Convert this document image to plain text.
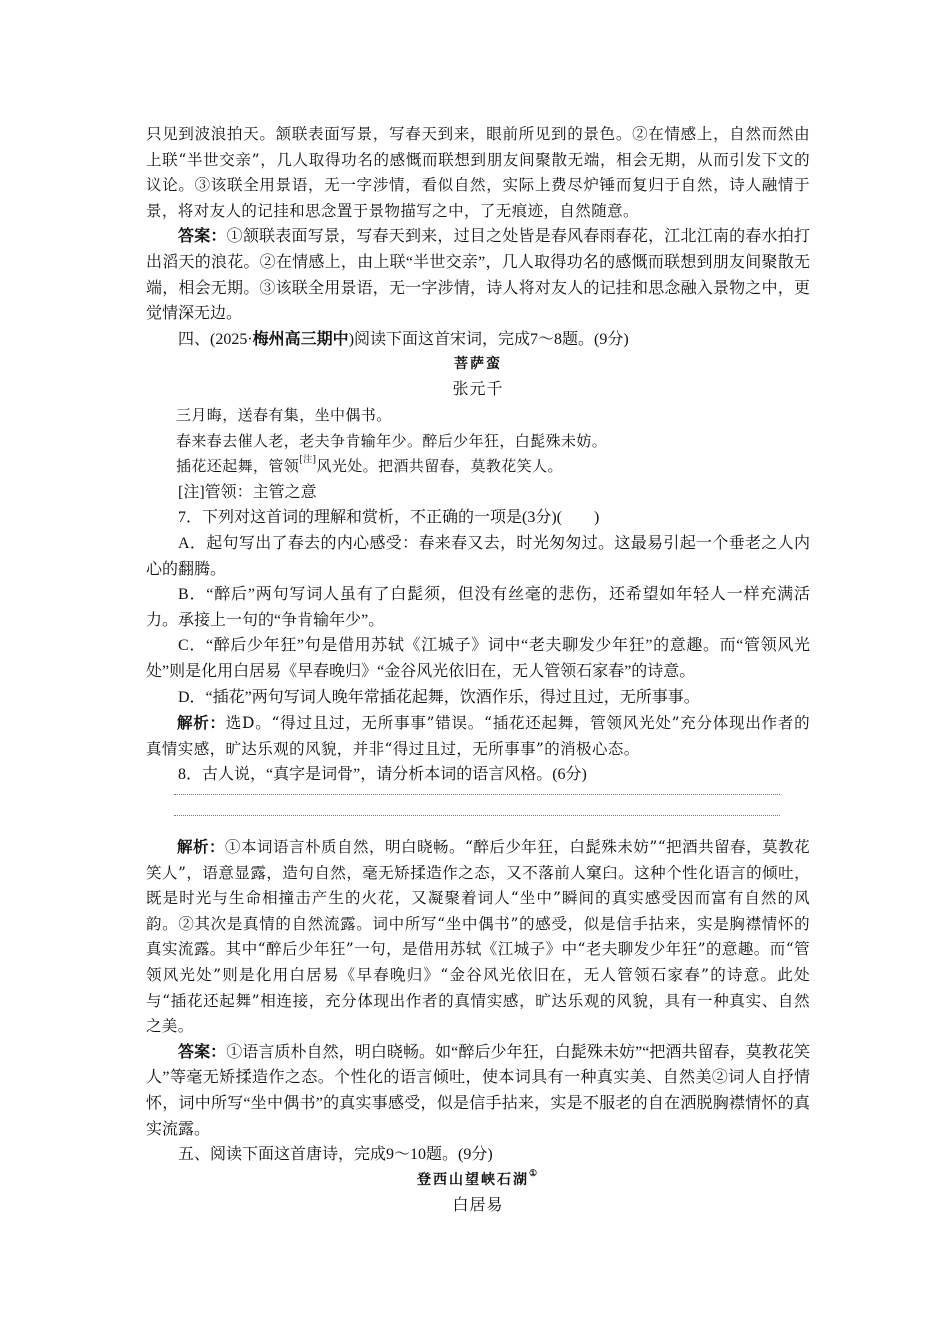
只见到波浪拍天。颔联表面写景，写春天到来，眼前所见到的景色。②在情感上，自然而然由上联“半世交亲”，几人取得功名的感慨而联想到朋友间聚散无端，相会无期，从而引发下文的议论。③该联全用景语，无一字涉情，看似自然，实际上费尽炉锤而复归于自然，诗人融情于景，将对友人的记挂和思念置于景物描写之中，了无痕迹，自然随意。

答案：①颔联表面写景，写春天到来，过目之处皆是春风春雨春花，江北江南的春水拍打出滔天的浪花。②在情感上，由上联“半世交亲”，几人取得功名的感慨而联想到朋友间聚散无端，相会无期。③该联全用景语，无一字涉情，诗人将对友人的记挂和思念融入景物之中，更觉情深无边。

四、(2025·梅州高三期中)阅读下面这首宋词，完成7～8题。(9分)

菩萨蛮

张元千

三月晦，送春有集，坐中偶书。

春来春去催人老，老夫争肯输年少。醉后少年狂，白髭殊未妨。

插花还起舞，管领[注]风光处。把酒共留春，莫教花笑人。

[注]管领：主管之意

7．下列对这首词的理解和赏析，不正确的一项是(3分)(　　)

A．起句写出了春去的内心感受：春来春又去，时光匆匆过。这最易引起一个垂老之人内心的翻腾。

B．“醉后”两句写词人虽有了白髭须，但没有丝毫的悲伤，还希望如年轻人一样充满活力。承接上一句的“争肯输年少”。

C．“醉后少年狂”句是借用苏轼《江城子》词中“老夫聊发少年狂”的意趣。而“管领风光处”则是化用白居易《早春晚归》“金谷风光依旧在，无人管领石家春”的诗意。

D．“插花”两句写词人晚年常插花起舞，饮酒作乐，得过且过，无所事事。

解析：选D。“得过且过，无所事事”错误。“插花还起舞，管领风光处”充分体现出作者的真情实感，旷达乐观的风貌，并非“得过且过，无所事事”的消极心态。

8．古人说，“真字是词骨”，请分析本词的语言风格。(6分)

解析：①本词语言朴质自然，明白晓畅。“醉后少年狂，白髭殊未妨”“把酒共留春，莫教花笑人”，语意显露，造句自然，毫无矫揉造作之态，又不落前人窠臼。这种个性化语言的倾吐，既是时光与生命相撞击产生的火花，又凝聚着词人“坐中”瞬间的真实感受因而富有自然的风韵。②其次是真情的自然流露。词中所写“坐中偶书”的感受，似是信手拈来，实是胸襟情怀的真实流露。其中“醉后少年狂”一句，是借用苏轼《江城子》中“老夫聊发少年狂”的意趣。而“管领风光处”则是化用白居易《早春晚归》“金谷风光依旧在，无人管领石家春”的诗意。此处与“插花还起舞”相连接，充分体现出作者的真情实感，旷达乐观的风貌，具有一种真实、自然之美。

答案：①语言质朴自然，明白晓畅。如“醉后少年狂，白髭殊未妨”“把酒共留春，莫教花笑人”等毫无矫揉造作之态。个性化的语言倾吐，使本词具有一种真实美、自然美②词人自抒情怀，词中所写“坐中偶书”的真实事感受，似是信手拈来，实是不服老的自在洒脱胸襟情怀的真实流露。

五、阅读下面这首唐诗，完成9～10题。(9分)

登西山望峡石湖①

白居易
